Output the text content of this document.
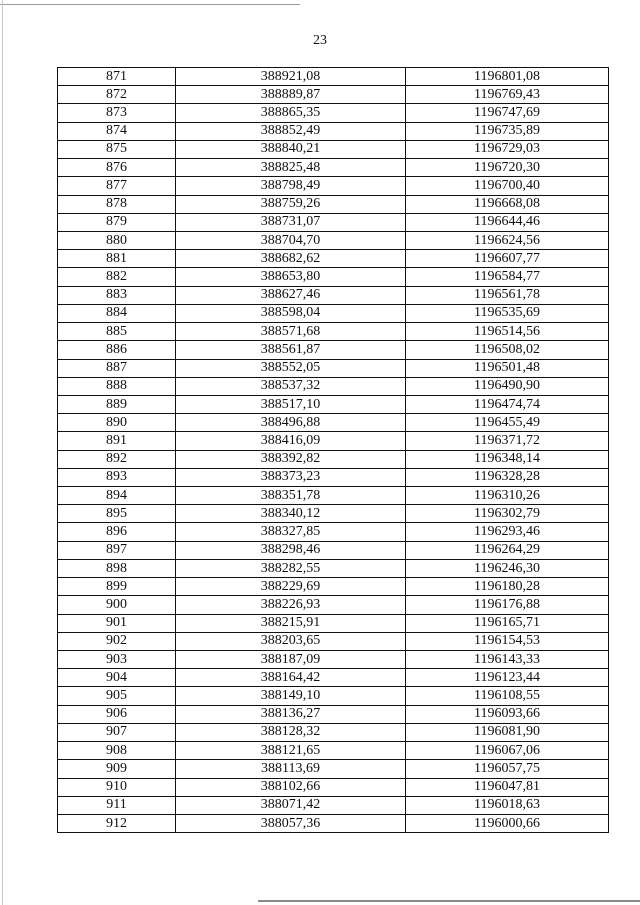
23
871	388921,08	1196801,08
872	388889,87	1196769,43
873	388865,35	1196747,69
874	388852,49	1196735,89
875	388840,21	1196729,03
876	388825,48	1196720,30
877	388798,49	1196700,40
878	388759,26	1196668,08
879	388731,07	1196644,46
880	388704,70	1196624,56
881	388682,62	1196607,77
882	388653,80	1196584,77
883	388627,46	1196561,78
884	388598,04	1196535,69
885	388571,68	1196514,56
886	388561,87	1196508,02
887	388552,05	1196501,48
888	388537,32	1196490,90
889	388517,10	1196474,74
890	388496,88	1196455,49
891	388416,09	1196371,72
892	388392,82	1196348,14
893	388373,23	1196328,28
894	388351,78	1196310,26
895	388340,12	1196302,79
896	388327,85	1196293,46
897	388298,46	1196264,29
898	388282,55	1196246,30
899	388229,69	1196180,28
900	388226,93	1196176,88
901	388215,91	1196165,71
902	388203,65	1196154,53
903	388187,09	1196143,33
904	388164,42	1196123,44
905	388149,10	1196108,55
906	388136,27	1196093,66
907	388128,32	1196081,90
908	388121,65	1196067,06
909	388113,69	1196057,75
910	388102,66	1196047,81
911	388071,42	1196018,63
912	388057,36	1196000,66
